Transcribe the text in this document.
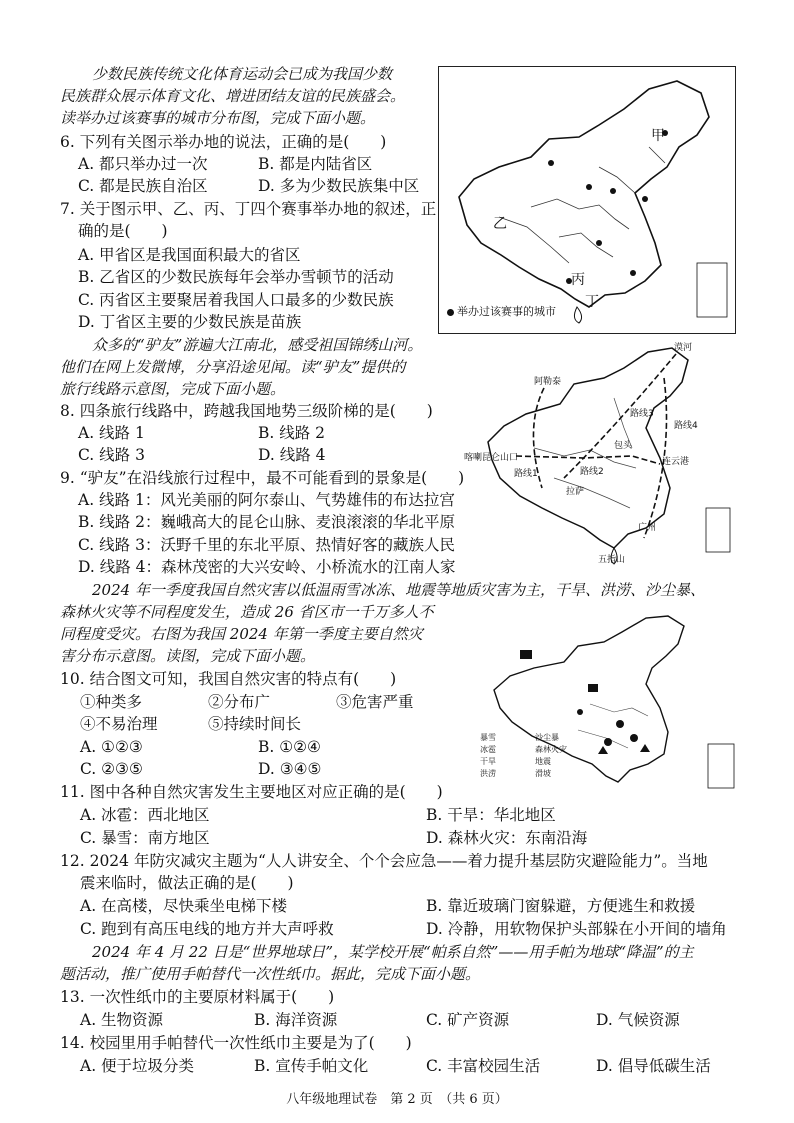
少数民族传统文化体育运动会已成为我国少数
民族群众展示体育文化、增进团结友谊的民族盛会。
读举办过该赛事的城市分布图，完成下面小题。
6. 下列有关图示举办地的说法，正确的是(　　)
A. 都只举办过一次	B. 都是内陆省区
C. 都是民族自治区	D. 多为少数民族集中区
7. 关于图示甲、乙、丙、丁四个赛事举办地的叙述，正
确的是(　　)
A. 甲省区是我国面积最大的省区
B. 乙省区的少数民族每年会举办雪顿节的活动
C. 丙省区主要聚居着我国人口最多的少数民族
D. 丁省区主要的少数民族是苗族
甲
乙
丙
丁
举办过该赛事的城市
众多的“驴友”游遍大江南北，感受祖国锦绣山河。
他们在网上发微博，分享沿途见闻。读“驴友”提供的
旅行线路示意图，完成下面小题。
8. 四条旅行线路中，跨越我国地势三级阶梯的是(　　)
A. 线路 1	B. 线路 2
C. 线路 3	D. 线路 4
9. “驴友”在沿线旅行过程中，最不可能看到的景象是(　　)
A. 线路 1：风光美丽的阿尔泰山、气势雄伟的布达拉宫
B. 线路 2：巍峨高大的昆仑山脉、麦浪滚滚的华北平原
C. 线路 3：沃野千里的东北平原、热情好客的藏族人民
D. 线路 4：森林茂密的大兴安岭、小桥流水的江南人家
漠河
阿勒泰
喀喇昆仑山口
包头
连云港
拉萨
广州
五指山
路线1	路线2
路线3
路线4
2024 年一季度我国自然灾害以低温雨雪冰冻、地震等地质灾害为主，干旱、洪涝、沙尘暴、
森林火灾等不同程度发生，造成 26 省区市一千万多人不
同程度受灾。右图为我国 2024 年第一季度主要自然灾
害分布示意图。读图，完成下面小题。
10. 结合图文可知，我国自然灾害的特点有(　　)
①种类多	②分布广	③危害严重
④不易治理	⑤持续时间长
A. ①②③	B. ①②④
C. ②③⑤	D. ③④⑤
暴雪	沙尘暴
冰雹	森林火灾
干旱	地震
洪涝	滑坡
11. 图中各种自然灾害发生主要地区对应正确的是(　　)
A. 冰雹：西北地区	B. 干旱：华北地区
C. 暴雪：南方地区	D. 森林火灾：东南沿海
12. 2024 年防灾减灾主题为“人人讲安全、个个会应急——着力提升基层防灾避险能力”。当地
震来临时，做法正确的是(　　)
A. 在高楼，尽快乘坐电梯下楼	B. 靠近玻璃门窗躲避，方便逃生和救援
C. 跑到有高压电线的地方并大声呼救	D. 冷静，用软物保护头部躲在小开间的墙角
2024 年 4 月 22 日是“世界地球日”，某学校开展“帕系自然”——用手帕为地球“降温”的主
题活动，推广使用手帕替代一次性纸巾。据此，完成下面小题。
13. 一次性纸巾的主要原材料属于(　　)
A. 生物资源	B. 海洋资源	C. 矿产资源	D. 气候资源
14. 校园里用手帕替代一次性纸巾主要是为了(　　)
A. 便于垃圾分类	B. 宣传手帕文化	C. 丰富校园生活	D. 倡导低碳生活
八年级地理试卷　第 2 页　（共 6 页）
